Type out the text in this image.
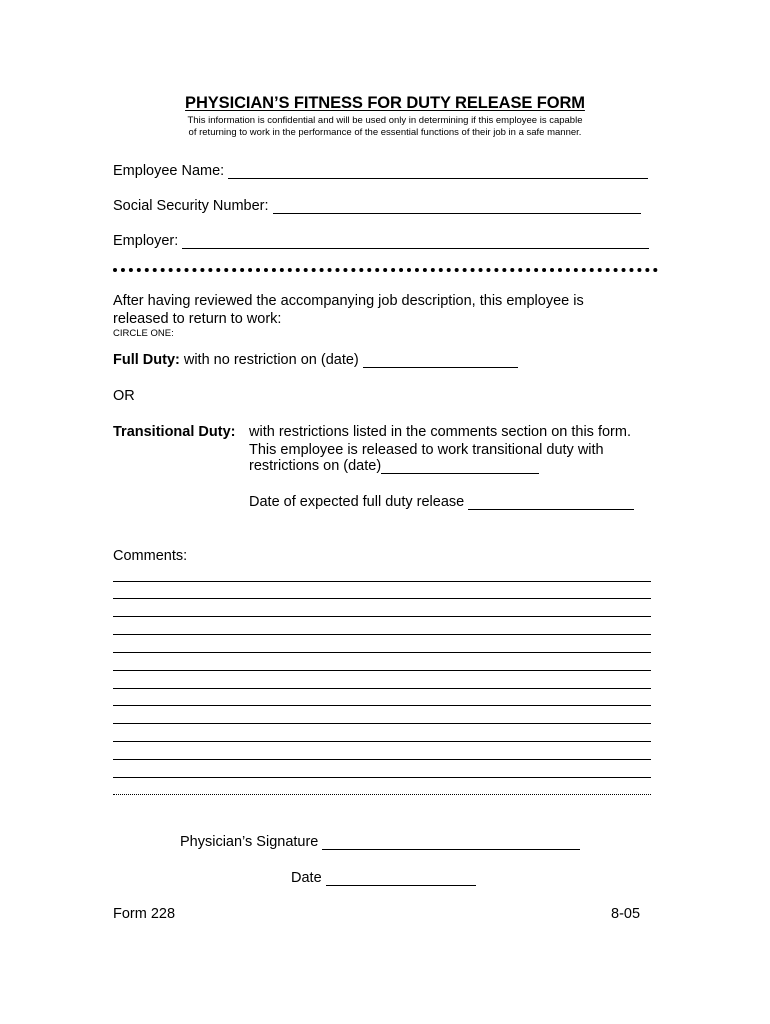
PHYSICIAN’S FITNESS FOR DUTY RELEASE FORM
This information is confidential and will be used only in determining if this employee is capable
of returning to work in the performance of the essential functions of their job in a safe manner.
Employee Name:
Social Security Number:
Employer:
After having reviewed the accompanying job description, this employee is
released to return to work:
CIRCLE ONE:
Full Duty: with no restriction on (date)
OR
Transitional Duty: with restrictions listed in the comments section on this form.
This employee is released to work transitional duty with
restrictions on (date)
Date of expected full duty release
Comments:
Physician’s Signature
Date
Form 228	8-05
